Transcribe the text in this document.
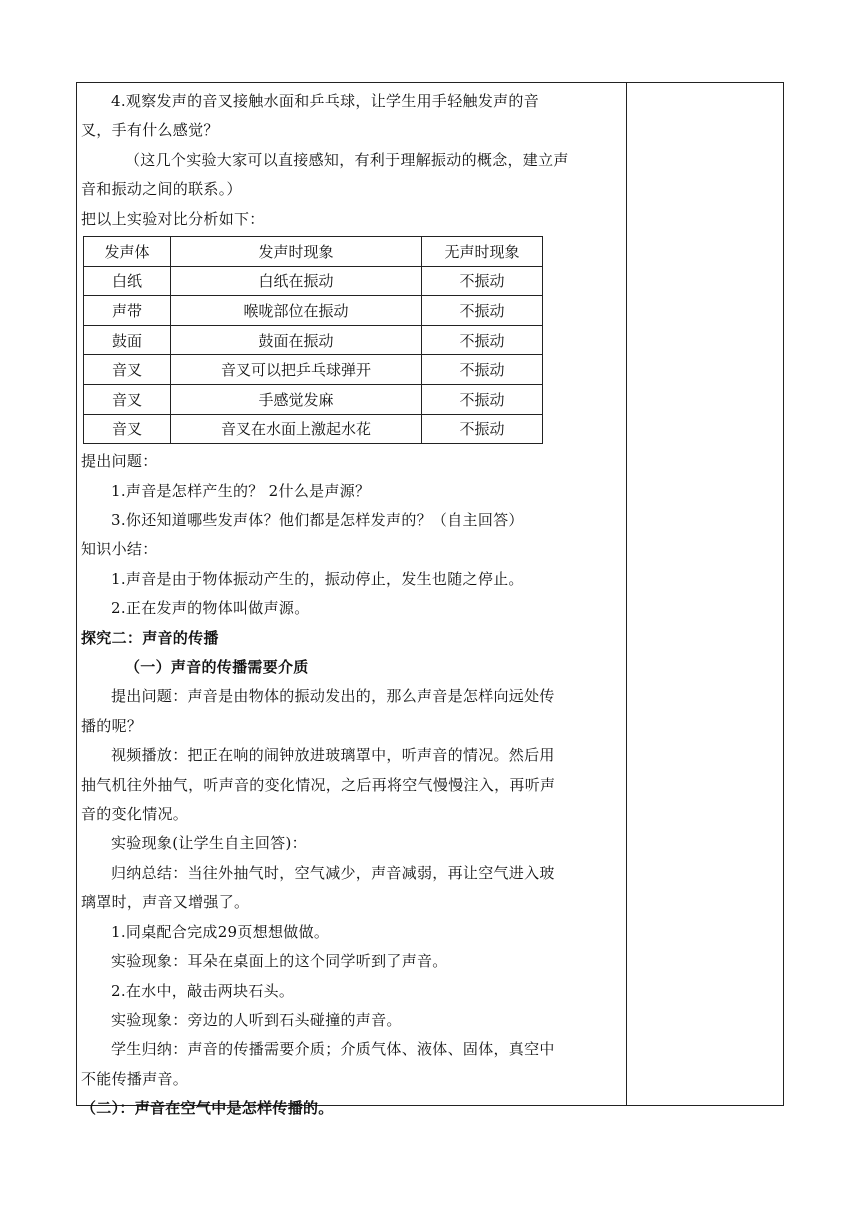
4.观察发声的音叉接触水面和乒乓球，让学生用手轻触发声的音
叉，手有什么感觉？
（这几个实验大家可以直接感知，有利于理解振动的概念，建立声
音和振动之间的联系。）
把以上实验对比分析如下：
发声体	发声时现象	无声时现象
白纸	白纸在振动	不振动
声带	喉咙部位在振动	不振动
鼓面	鼓面在振动	不振动
音叉	音叉可以把乒乓球弹开	不振动
音叉	手感觉发麻	不振动
音叉	音叉在水面上激起水花	不振动
提出问题：
1.声音是怎样产生的？ 2什么是声源？
3.你还知道哪些发声体？他们都是怎样发声的？（自主回答）
知识小结：
1.声音是由于物体振动产生的，振动停止，发生也随之停止。
2.正在发声的物体叫做声源。
探究二：声音的传播
（一）声音的传播需要介质
提出问题：声音是由物体的振动发出的，那么声音是怎样向远处传
播的呢？
视频播放：把正在响的闹钟放进玻璃罩中，听声音的情况。然后用
抽气机往外抽气，听声音的变化情况，之后再将空气慢慢注入，再听声
音的变化情况。
实验现象(让学生自主回答)：
归纳总结：当往外抽气时，空气减少，声音减弱，再让空气进入玻
璃罩时，声音又增强了。
1.同桌配合完成29页想想做做。
实验现象：耳朵在桌面上的这个同学听到了声音。
2.在水中，敲击两块石头。
实验现象：旁边的人听到石头碰撞的声音。
学生归纳：声音的传播需要介质；介质气体、液体、固体，真空中
不能传播声音。
（二）：声音在空气中是怎样传播的。
